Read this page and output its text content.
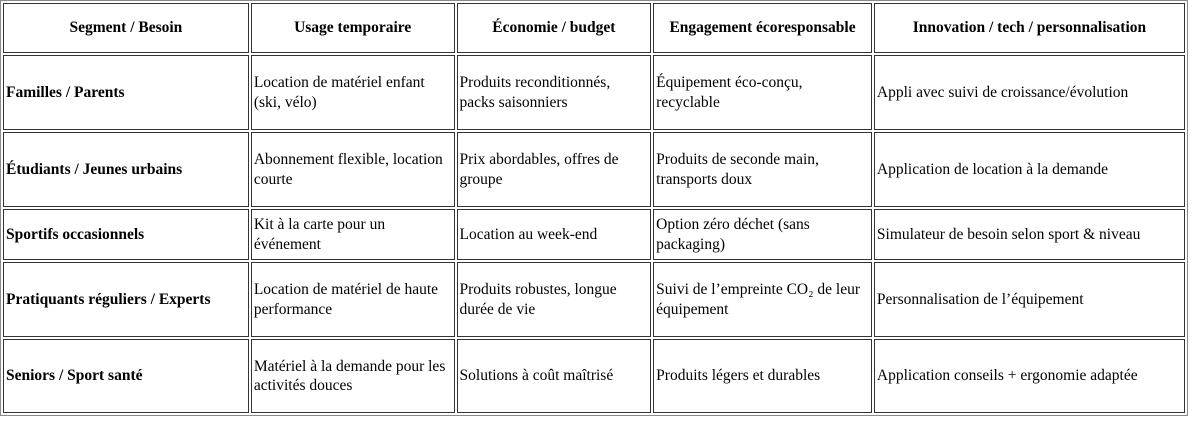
Segment / Besoin	Usage temporaire	Économie / budget	Engagement écoresponsable	Innovation / tech / personnalisation
Familles / Parents	Location de matériel enfant (ski, vélo)	Produits reconditionnés, packs saisonniers	Équipement éco-conçu, recyclable	Appli avec suivi de croissance/évolution
Étudiants / Jeunes urbains	Abonnement flexible, location courte	Prix abordables, offres de groupe	Produits de seconde main, transports doux	Application de location à la demande
Sportifs occasionnels	Kit à la carte pour un événement	Location au week-end	Option zéro déchet (sans packaging)	Simulateur de besoin selon sport & niveau
Pratiquants réguliers / Experts	Location de matériel de haute performance	Produits robustes, longue durée de vie	Suivi de l’empreinte CO₂ de leur équipement	Personnalisation de l’équipement
Seniors / Sport santé	Matériel à la demande pour les activités douces	Solutions à coût maîtrisé	Produits légers et durables	Application conseils + ergonomie adaptée
